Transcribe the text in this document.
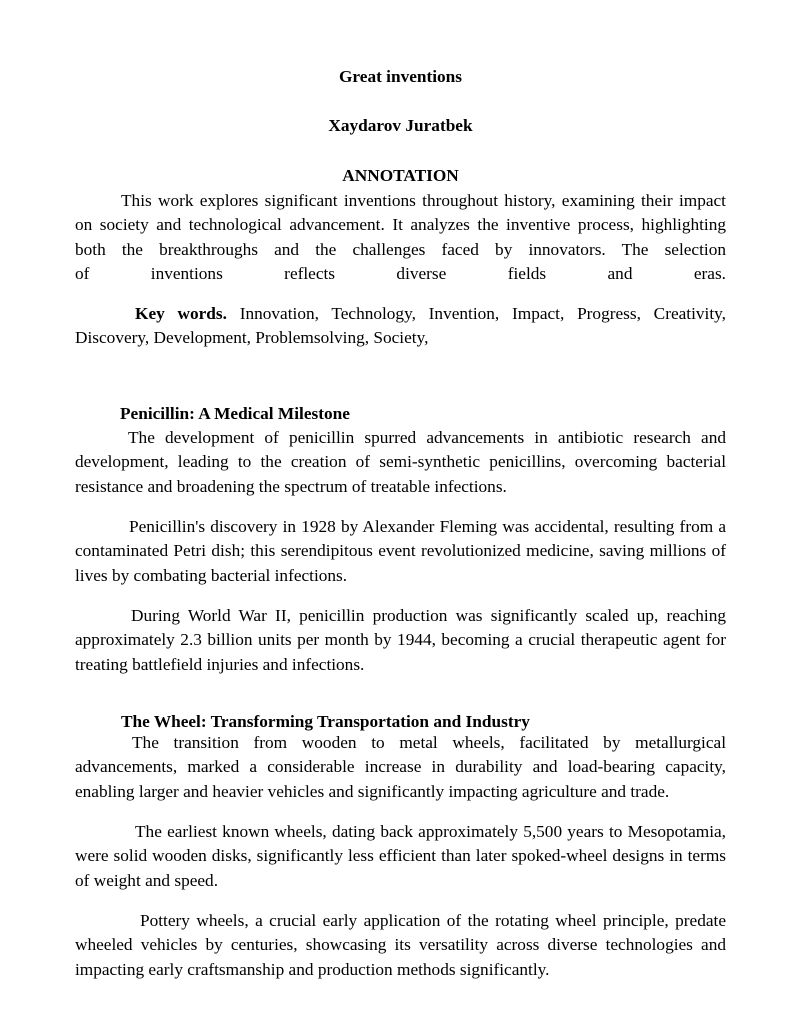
Great inventions

Xaydarov Juratbek

ANNOTATION

This work explores significant inventions throughout history, examining their impact on society and technological advancement. It analyzes the inventive process, highlighting both the breakthroughs and the challenges faced by innovators. The selection

of inventions reflects diverse fields and eras.

Key words. Innovation, Technology, Invention, Impact, Progress, Creativity, Discovery, Development, Problemsolving, Society,

Penicillin: A Medical Milestone

The development of penicillin spurred advancements in antibiotic research and development, leading to the creation of semi-synthetic penicillins, overcoming bacterial resistance and broadening the spectrum of treatable infections.

Penicillin's discovery in 1928 by Alexander Fleming was accidental, resulting from a contaminated Petri dish; this serendipitous event revolutionized medicine, saving millions of lives by combating bacterial infections.

During World War II, penicillin production was significantly scaled up, reaching approximately 2.3 billion units per month by 1944, becoming a crucial therapeutic agent for treating battlefield injuries and infections.

The Wheel: Transforming Transportation and Industry

The transition from wooden to metal wheels, facilitated by metallurgical advancements, marked a considerable increase in durability and load-bearing capacity, enabling larger and heavier vehicles and significantly impacting agriculture and trade.

The earliest known wheels, dating back approximately 5,500 years to Mesopotamia, were solid wooden disks, significantly less efficient than later spoked-wheel designs in terms of weight and speed.

Pottery wheels, a crucial early application of the rotating wheel principle, predate wheeled vehicles by centuries, showcasing its versatility across diverse technologies and impacting early craftsmanship and production methods significantly.
